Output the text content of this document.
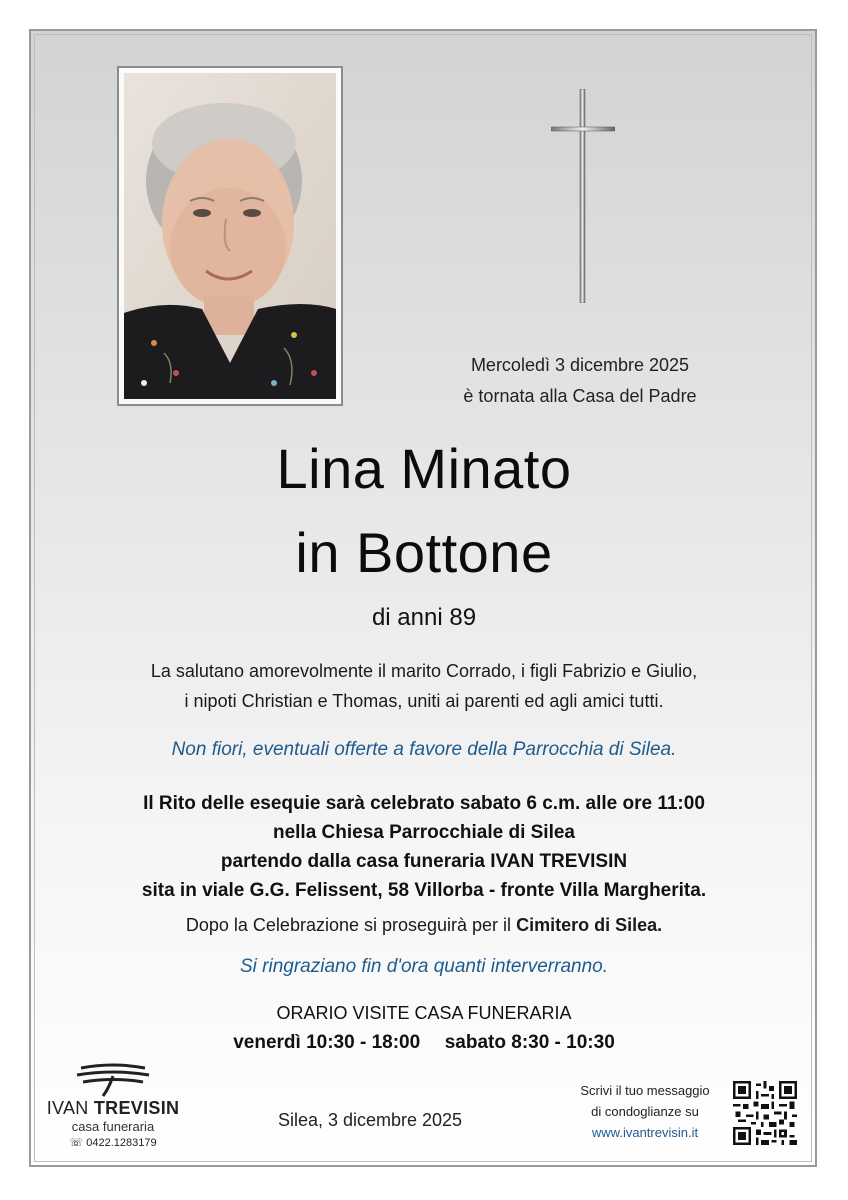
Mercoledì 3 dicembre 2025
è tornata alla Casa del Padre
Lina Minato
in Bottone
di anni 89
La salutano amorevolmente il marito Corrado, i figli Fabrizio e Giulio,
i nipoti Christian e Thomas, uniti ai parenti ed agli amici tutti.
Non fiori, eventuali offerte a favore della Parrocchia di Silea.
Il Rito delle esequie sarà celebrato sabato 6 c.m. alle ore 11:00
nella Chiesa Parrocchiale di Silea
partendo dalla casa funeraria IVAN TREVISIN
sita in viale G.G. Felissent, 58 Villorba - fronte Villa Margherita.
Dopo la Celebrazione si proseguirà per il Cimitero di Silea.
Si ringraziano fin d'ora quanti interverranno.
ORARIO VISITE CASA FUNERARIA
venerdì 10:30 - 18:00 sabato 8:30 - 10:30
IVAN TREVISIN
casa funeraria
☏ 0422.1283179
Silea, 3 dicembre 2025
Scrivi il tuo messaggio
di condoglianze su
www.ivantrevisin.it
